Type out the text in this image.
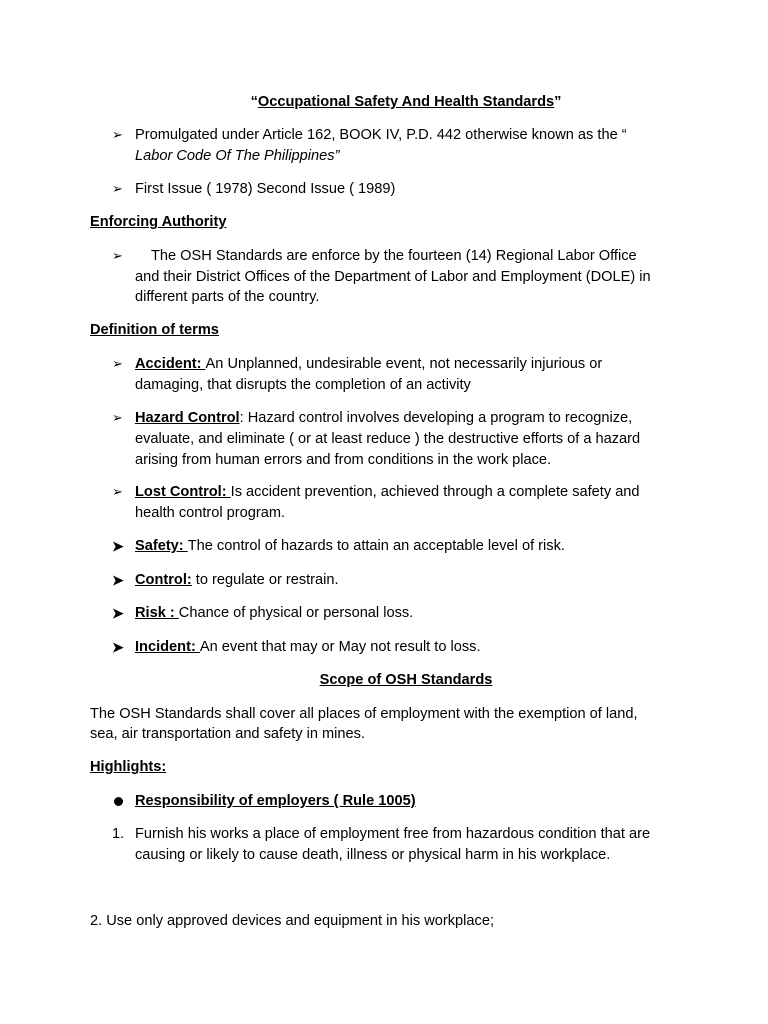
“Occupational Safety And Health Standards”
➢ Promulgated under Article 162, BOOK IV, P.D. 442 otherwise known as the “
Labor Code Of The Philippines”
➢ First Issue ( 1978) Second Issue ( 1989)
Enforcing Authority
➢ The OSH Standards are enforce by the fourteen (14) Regional Labor Office
and their District Offices of the Department of Labor and Employment (DOLE) in
different parts of the country.
Definition of terms
➢ Accident: An Unplanned, undesirable event, not necessarily injurious or
damaging, that disrupts the completion of an activity
➢ Hazard Control: Hazard control involves developing a program to recognize,
evaluate, and eliminate ( or at least reduce ) the destructive efforts of a hazard
arising from human errors and from conditions in the work place.
➢ Lost Control: Is accident prevention, achieved through a complete safety and
health control program.
➤ Safety: The control of hazards to attain an acceptable level of risk.
➤ Control: to regulate or restrain.
➤ Risk : Chance of physical or personal loss.
➤ Incident: An event that may or May not result to loss.
Scope of OSH Standards
The OSH Standards shall cover all places of employment with the exemption of land,
sea, air transportation and safety in mines.
Highlights:
Responsibility of employers ( Rule 1005)
1. Furnish his works a place of employment free from hazardous condition that are
causing or likely to cause death, illness or physical harm in his workplace.
2. Use only approved devices and equipment in his workplace;
